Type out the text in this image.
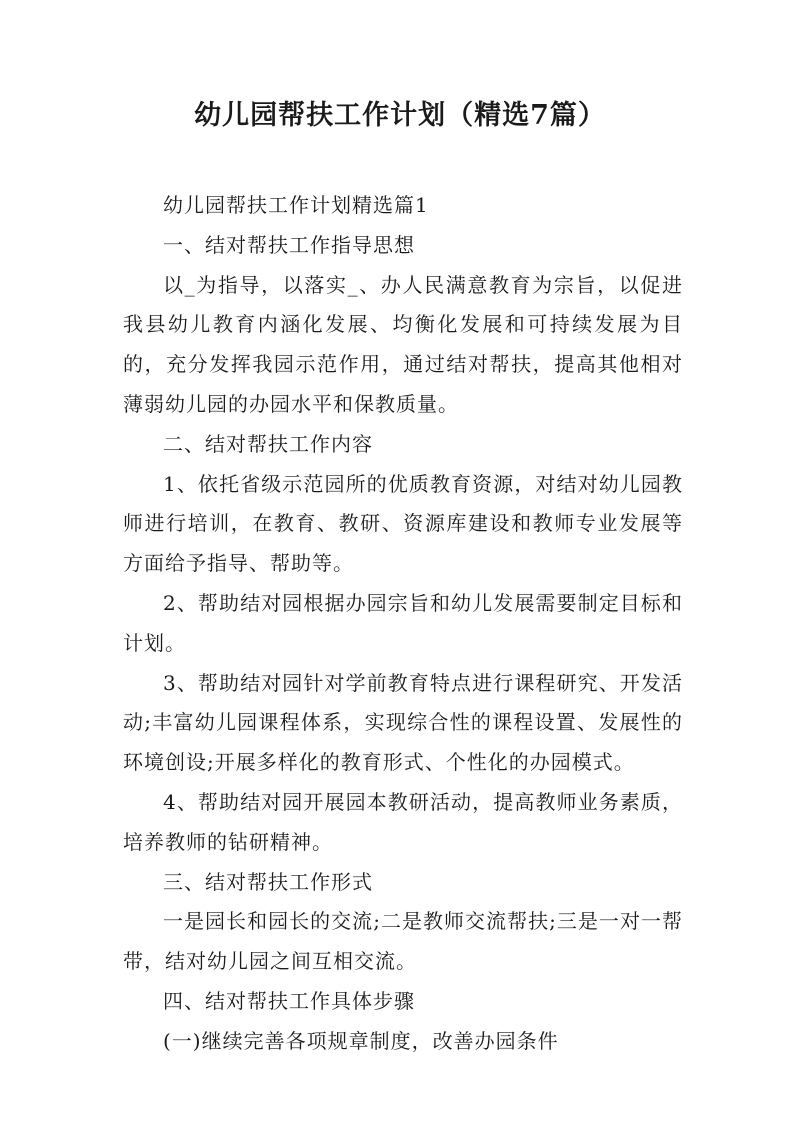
幼儿园帮扶工作计划（精选7篇）

幼儿园帮扶工作计划精选篇1

一、结对帮扶工作指导思想

以_为指导，以落实_、办人民满意教育为宗旨，以促进我县幼儿教育内涵化发展、均衡化发展和可持续发展为目的，充分发挥我园示范作用，通过结对帮扶，提高其他相对薄弱幼儿园的办园水平和保教质量。

二、结对帮扶工作内容

1、依托省级示范园所的优质教育资源，对结对幼儿园教师进行培训，在教育、教研、资源库建设和教师专业发展等方面给予指导、帮助等。

2、帮助结对园根据办园宗旨和幼儿发展需要制定目标和计划。

3、帮助结对园针对学前教育特点进行课程研究、开发活动;丰富幼儿园课程体系，实现综合性的课程设置、发展性的环境创设;开展多样化的教育形式、个性化的办园模式。

4、帮助结对园开展园本教研活动，提高教师业务素质，培养教师的钻研精神。

三、结对帮扶工作形式

一是园长和园长的交流;二是教师交流帮扶;三是一对一帮带，结对幼儿园之间互相交流。

四、结对帮扶工作具体步骤

(一)继续完善各项规章制度，改善办园条件
